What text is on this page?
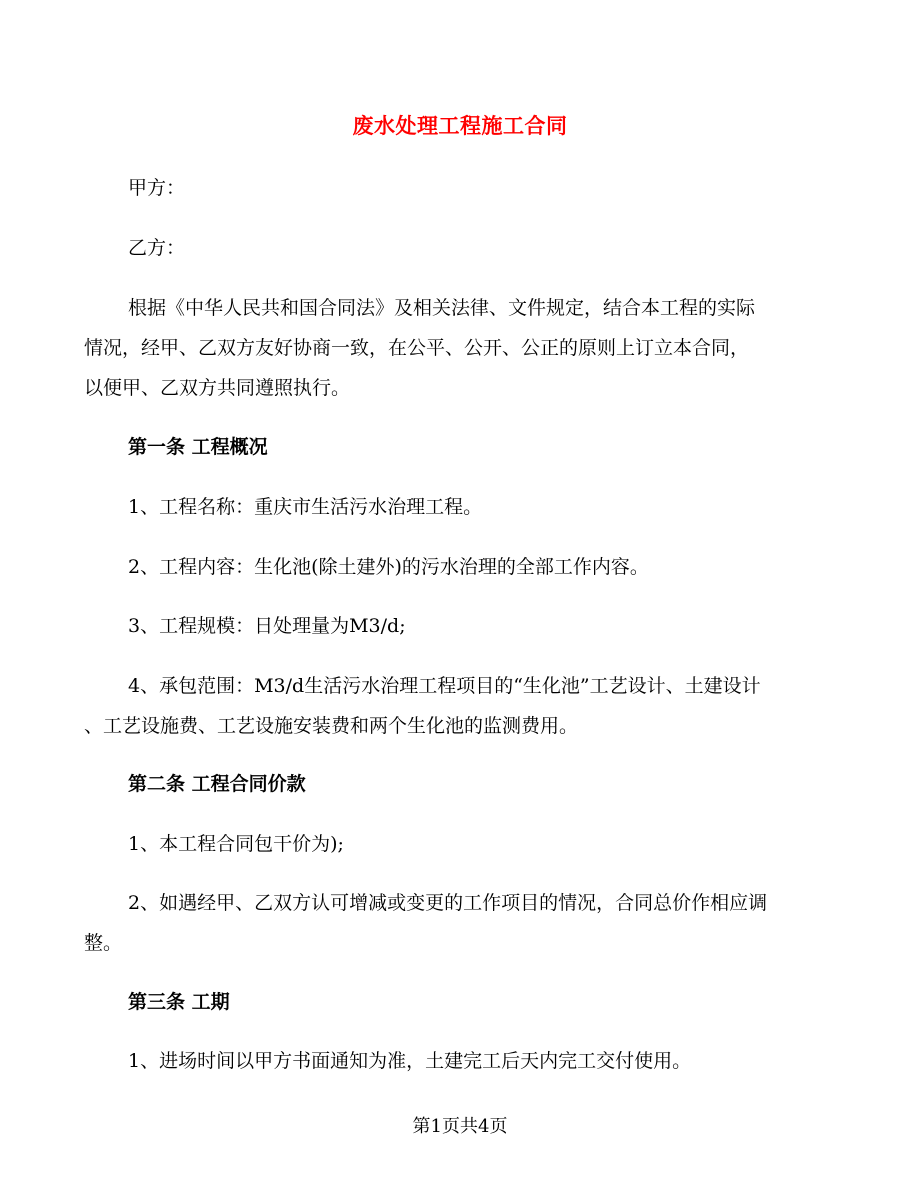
废水处理工程施工合同
甲方：
乙方：
根据《中华人民共和国合同法》及相关法律、文件规定，结合本工程的实际
情况，经甲、乙双方友好协商一致，在公平、公开、公正的原则上订立本合同，
以便甲、乙双方共同遵照执行。
第一条 工程概况
1、工程名称：重庆市生活污水治理工程。
2、工程内容：生化池(除土建外)的污水治理的全部工作内容。
3、工程规模：日处理量为M3/d;
4、承包范围：M3/d生活污水治理工程项目的“生化池”工艺设计、土建设计
、工艺设施费、工艺设施安装费和两个生化池的监测费用。
第二条 工程合同价款
1、本工程合同包干价为);
2、如遇经甲、乙双方认可增减或变更的工作项目的情况，合同总价作相应调
整。
第三条 工期
1、进场时间以甲方书面通知为准，土建完工后天内完工交付使用。
第1页共4页
